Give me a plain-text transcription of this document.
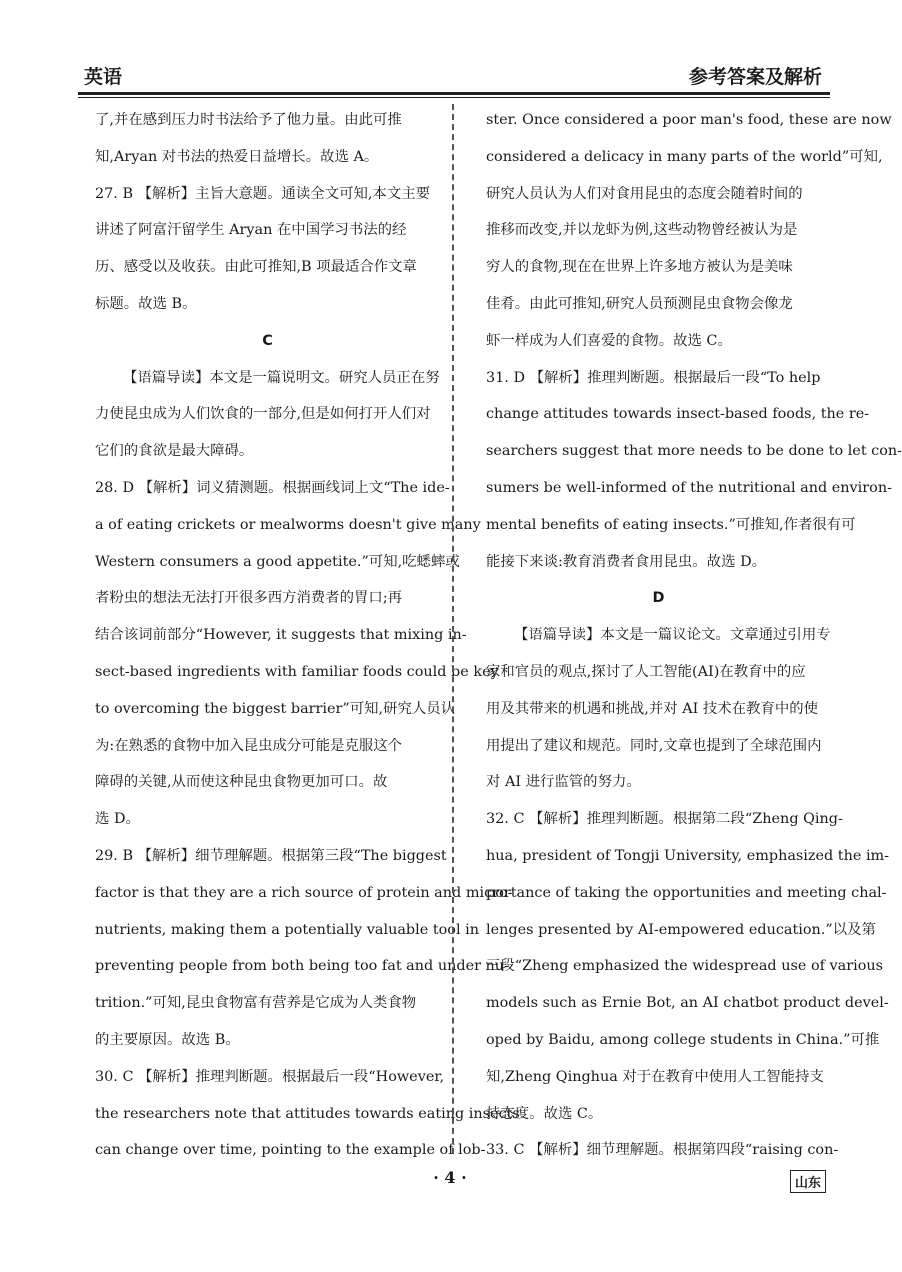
英语	参考答案及解析
了,并在感到压力时书法给予了他力量。由此可推
知,Aryan 对书法的热爱日益增长。故选 A。
27. B 【解析】主旨大意题。通读全文可知,本文主要
讲述了阿富汗留学生 Aryan 在中国学习书法的经
历、感受以及收获。由此可推知,B 项最适合作文章
标题。故选 B。
C
【语篇导读】本文是一篇说明文。研究人员正在努
力使昆虫成为人们饮食的一部分,但是如何打开人们对
它们的食欲是最大障碍。
28. D 【解析】词义猜测题。根据画线词上文“The ide-
a of eating crickets or mealworms doesn't give many
Western consumers a good appetite.”可知,吃蟋蟀或
者粉虫的想法无法打开很多西方消费者的胃口;再
结合该词前部分“However, it suggests that mixing in-
sect-based ingredients with familiar foods could be key
to overcoming the biggest barrier”可知,研究人员认
为:在熟悉的食物中加入昆虫成分可能是克服这个
障碍的关键,从而使这种昆虫食物更加可口。故
选 D。
29. B 【解析】细节理解题。根据第三段“The biggest
factor is that they are a rich source of protein and micro-
nutrients, making them a potentially valuable tool in
preventing people from both being too fat and under nu-
trition.”可知,昆虫食物富有营养是它成为人类食物
的主要原因。故选 B。
30. C 【解析】推理判断题。根据最后一段“However,
the researchers note that attitudes towards eating insects
can change over time, pointing to the example of lob-
ster. Once considered a poor man's food, these are now
considered a delicacy in many parts of the world”可知,
研究人员认为人们对食用昆虫的态度会随着时间的
推移而改变,并以龙虾为例,这些动物曾经被认为是
穷人的食物,现在在世界上许多地方被认为是美味
佳肴。由此可推知,研究人员预测昆虫食物会像龙
虾一样成为人们喜爱的食物。故选 C。
31. D 【解析】推理判断题。根据最后一段“To help
change attitudes towards insect-based foods, the re-
searchers suggest that more needs to be done to let con-
sumers be well-informed of the nutritional and environ-
mental benefits of eating insects.”可推知,作者很有可
能接下来谈:教育消费者食用昆虫。故选 D。
D
【语篇导读】本文是一篇议论文。文章通过引用专
家和官员的观点,探讨了人工智能(AI)在教育中的应
用及其带来的机遇和挑战,并对 AI 技术在教育中的使
用提出了建议和规范。同时,文章也提到了全球范围内
对 AI 进行监管的努力。
32. C 【解析】推理判断题。根据第二段“Zheng Qing-
hua, president of Tongji University, emphasized the im-
portance of taking the opportunities and meeting chal-
lenges presented by AI-empowered education.”以及第
三段“Zheng emphasized the widespread use of various
models such as Ernie Bot, an AI chatbot product devel-
oped by Baidu, among college students in China.”可推
知,Zheng Qinghua 对于在教育中使用人工智能持支
持态度。故选 C。
33. C 【解析】细节理解题。根据第四段“raising con-
· 4 ·	山东
